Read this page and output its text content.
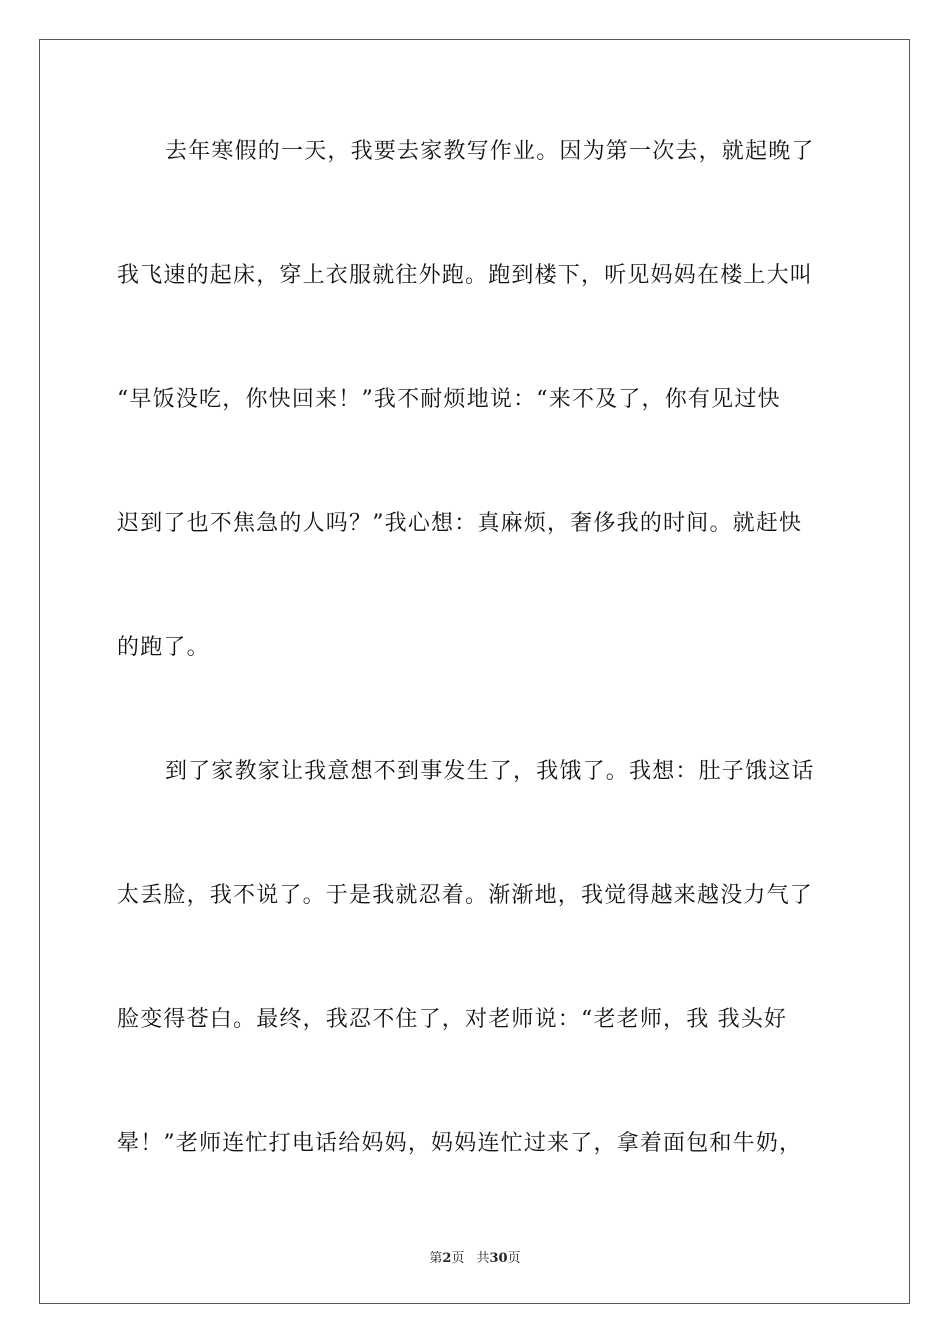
去年寒假的一天，我要去家教写作业。因为第一次去，就起晚了
我飞速的起床，穿上衣服就往外跑。跑到楼下，听见妈妈在楼上大叫
“早饭没吃，你快回来！”我不耐烦地说：“来不及了，你有见过快
迟到了也不焦急的人吗？”我心想：真麻烦，奢侈我的时间。就赶快
的跑了。
到了家教家让我意想不到事发生了，我饿了。我想：肚子饿这话
太丢脸，我不说了。于是我就忍着。渐渐地，我觉得越来越没力气了
脸变得苍白。最终，我忍不住了，对老师说：“老老师，我 我头好
晕！”老师连忙打电话给妈妈，妈妈连忙过来了，拿着面包和牛奶，
第2页 共30页
